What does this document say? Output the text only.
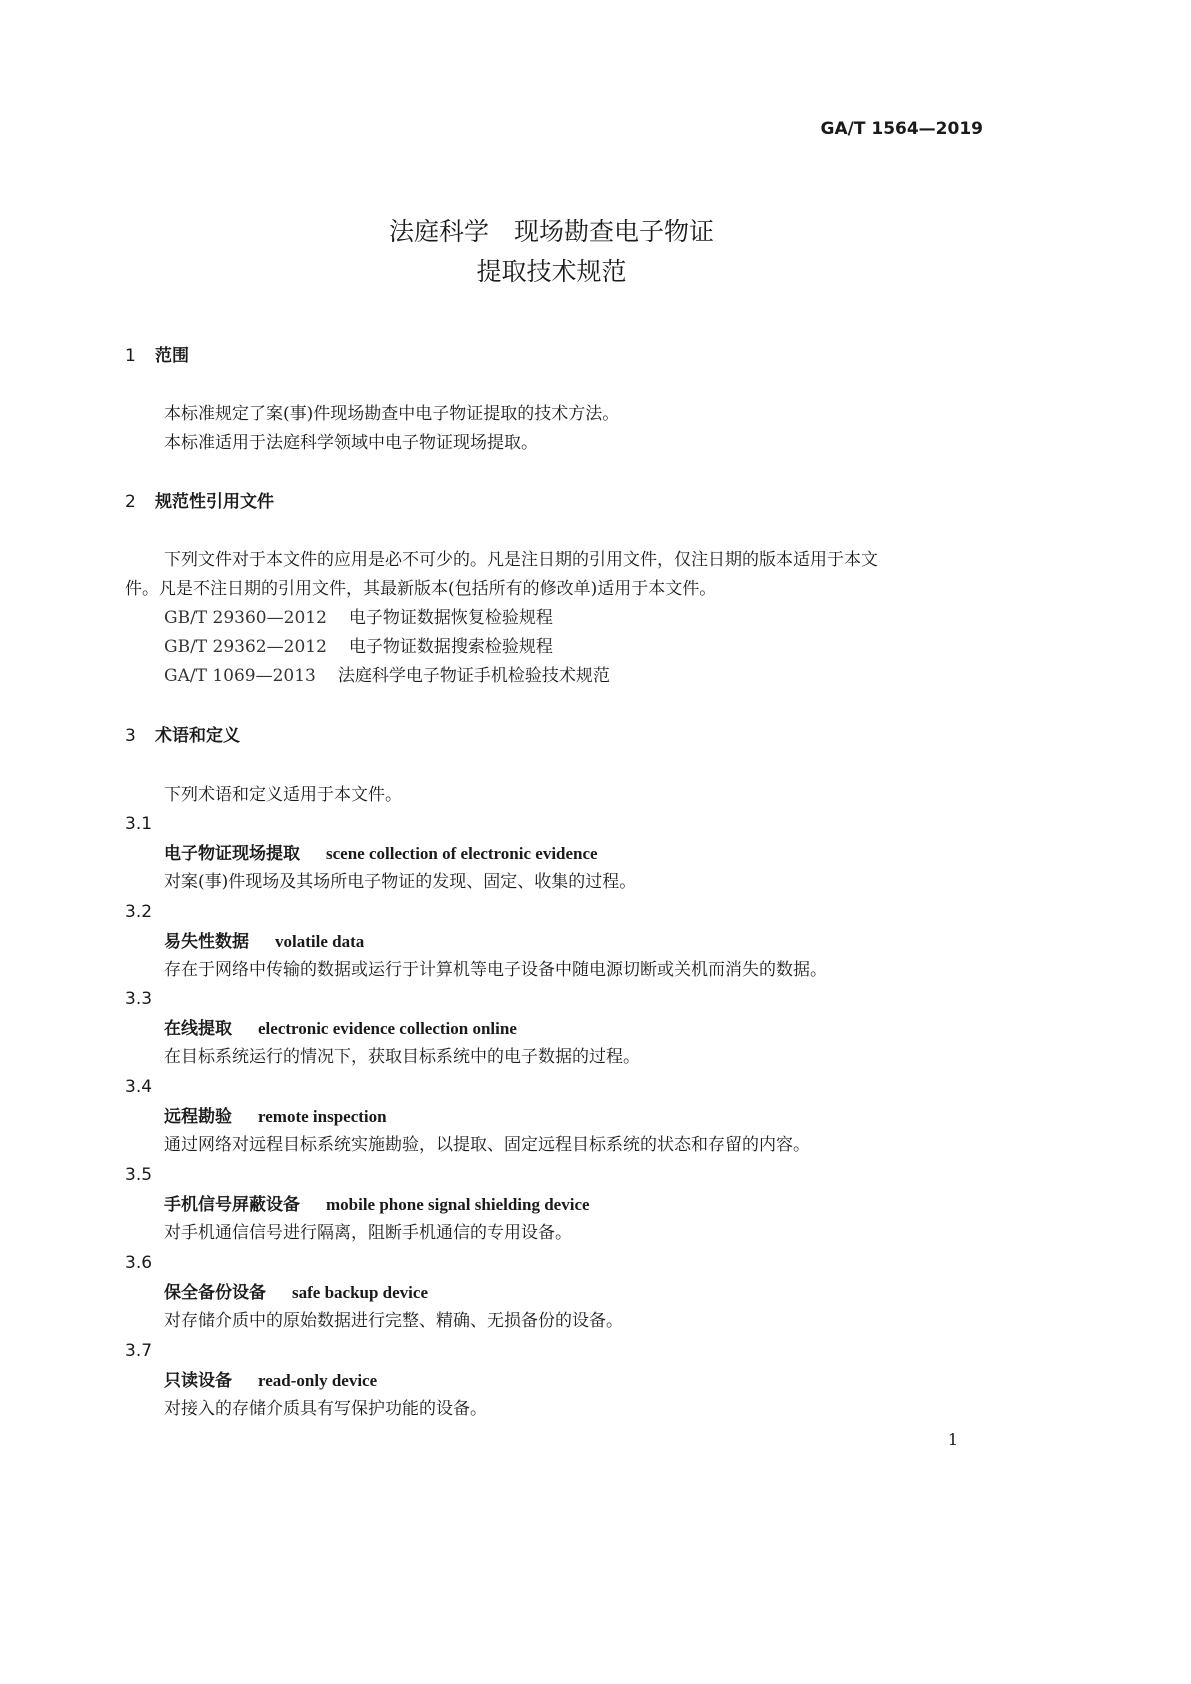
GA/T 1564—2019
法庭科学　现场勘查电子物证
提取技术规范
1 范围
本标准规定了案(事)件现场勘查中电子物证提取的技术方法。
本标准适用于法庭科学领域中电子物证现场提取。
2 规范性引用文件
下列文件对于本文件的应用是必不可少的。凡是注日期的引用文件，仅注日期的版本适用于本文
件。凡是不注日期的引用文件，其最新版本(包括所有的修改单)适用于本文件。
GB/T 29360—2012 电子物证数据恢复检验规程
GB/T 29362—2012 电子物证数据搜索检验规程
GA/T 1069—2013 法庭科学电子物证手机检验技术规范
3 术语和定义
下列术语和定义适用于本文件。
3.1
电子物证现场提取 scene collection of electronic evidence
对案(事)件现场及其场所电子物证的发现、固定、收集的过程。
3.2
易失性数据 volatile data
存在于网络中传输的数据或运行于计算机等电子设备中随电源切断或关机而消失的数据。
3.3
在线提取 electronic evidence collection online
在目标系统运行的情况下，获取目标系统中的电子数据的过程。
3.4
远程勘验 remote inspection
通过网络对远程目标系统实施勘验，以提取、固定远程目标系统的状态和存留的内容。
3.5
手机信号屏蔽设备 mobile phone signal shielding device
对手机通信信号进行隔离，阻断手机通信的专用设备。
3.6
保全备份设备 safe backup device
对存储介质中的原始数据进行完整、精确、无损备份的设备。
3.7
只读设备 read-only device
对接入的存储介质具有写保护功能的设备。
1
